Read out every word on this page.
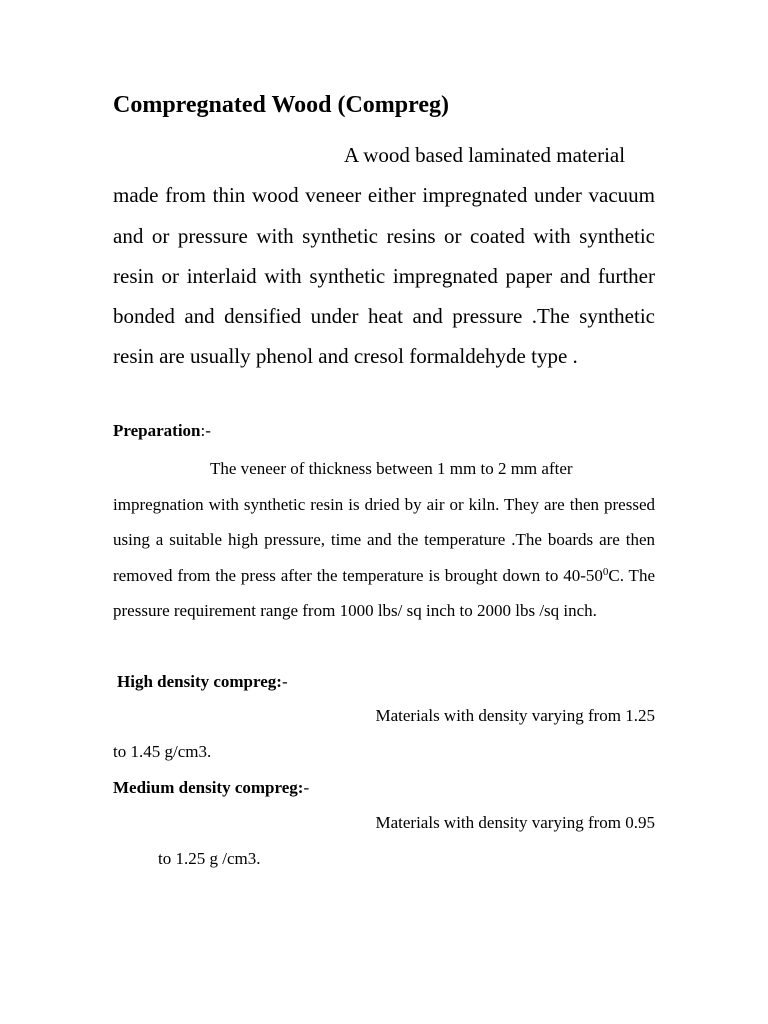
Compregnated Wood (Compreg)

A wood based laminated material
made from thin wood veneer either impregnated under vacuum and or pressure with synthetic resins or coated with synthetic resin or interlaid with synthetic impregnated paper and further bonded and densified under heat and pressure .The synthetic resin are usually phenol and cresol formaldehyde type .

Preparation:-

The veneer of thickness between 1 mm to 2 mm after
impregnation with synthetic resin is dried by air or kiln. They are then pressed using a suitable high pressure, time and the temperature .The boards are then removed from the press after the temperature is brought down to $40-50^0C$. The pressure requirement range from 1000 lbs/ sq inch to 2000 lbs /sq inch.

High density compreg:-

Materials with density varying from 1.25

to 1.45 g/cm3.

Medium density compreg:-

Materials with density varying from 0.95

to 1.25 g /cm3.
